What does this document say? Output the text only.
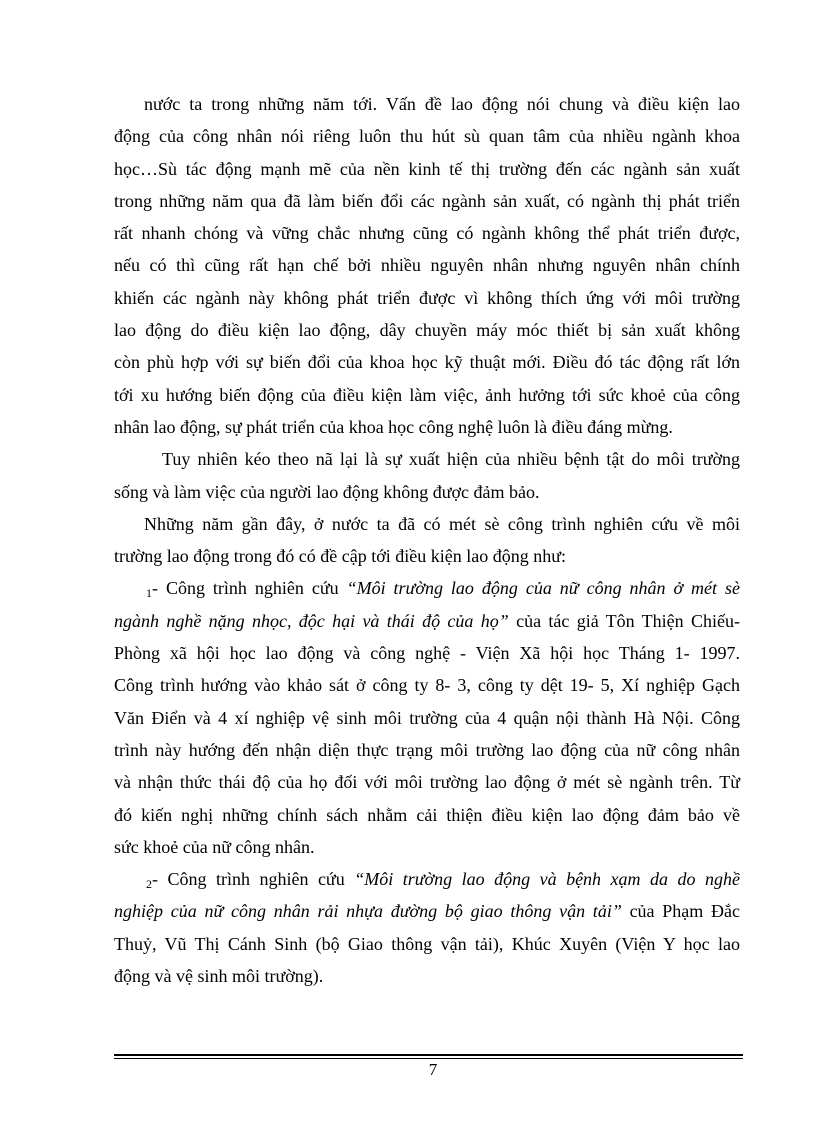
nước ta trong những năm tới. Vấn đề lao động nói chung và điều kiện lao
động của công nhân nói riêng luôn thu hút sù quan tâm của nhiều ngành khoa
học…Sù tác động mạnh mẽ của nền kinh tế thị trường đến các ngành sản xuất
trong những năm qua đã làm biến đổi các ngành sản xuất, có ngành thị phát triển
rất nhanh chóng và vững chắc nhưng cũng có ngành không thể phát triển được,
nếu có thì cũng rất hạn chế bởi nhiều nguyên nhân nhưng nguyên nhân chính
khiến các ngành này không phát triển được vì không thích ứng với môi trường
lao động do điều kiện lao động, dây chuyền máy móc thiết bị sản xuất không
còn phù hợp với sự biến đổi của khoa học kỹ thuật mới. Điều đó tác động rất lớn
tới xu hướng biến động của điều kiện làm việc, ảnh hưởng tới sức khoẻ của công
nhân lao động, sự phát triển của khoa học công nghệ luôn là điều đáng mừng.
Tuy nhiên kéo theo nã lại là sự xuất hiện của nhiều bệnh tật do môi trường
sống và làm việc của người lao động không được đảm bảo.
Những năm gần đây, ở nước ta đã có mét sè công trình nghiên cứu về môi
trường lao động trong đó có đề cập tới điều kiện lao động như:
1- Công trình nghiên cứu “Môi trường lao động của nữ công nhân ở mét sè
ngành nghề nặng nhọc, độc hại và thái độ của họ” của tác giả Tôn Thiện Chiếu-
Phòng xã hội học lao động và công nghệ - Viện Xã hội học Tháng 1- 1997.
Công trình hướng vào khảo sát ở công ty 8- 3, công ty dệt 19- 5, Xí nghiệp Gạch
Văn Điển và 4 xí nghiệp vệ sinh môi trường của 4 quận nội thành Hà Nội. Công
trình này hướng đến nhận diện thực trạng môi trường lao động của nữ công nhân
và nhận thức thái độ của họ đối với môi trường lao động ở mét sè ngành trên. Từ
đó kiến nghị những chính sách nhằm cải thiện điều kiện lao động đảm bảo về
sức khoẻ của nữ công nhân.
2- Công trình nghiên cứu “Môi trường lao động và bệnh xạm da do nghề
nghiệp của nữ công nhân rải nhựa đường bộ giao thông vận tải” của Phạm Đắc
Thuỷ, Vũ Thị Cánh Sinh (bộ Giao thông vận tải), Khúc Xuyên (Viện Y học lao
động và vệ sinh môi trường).
7
